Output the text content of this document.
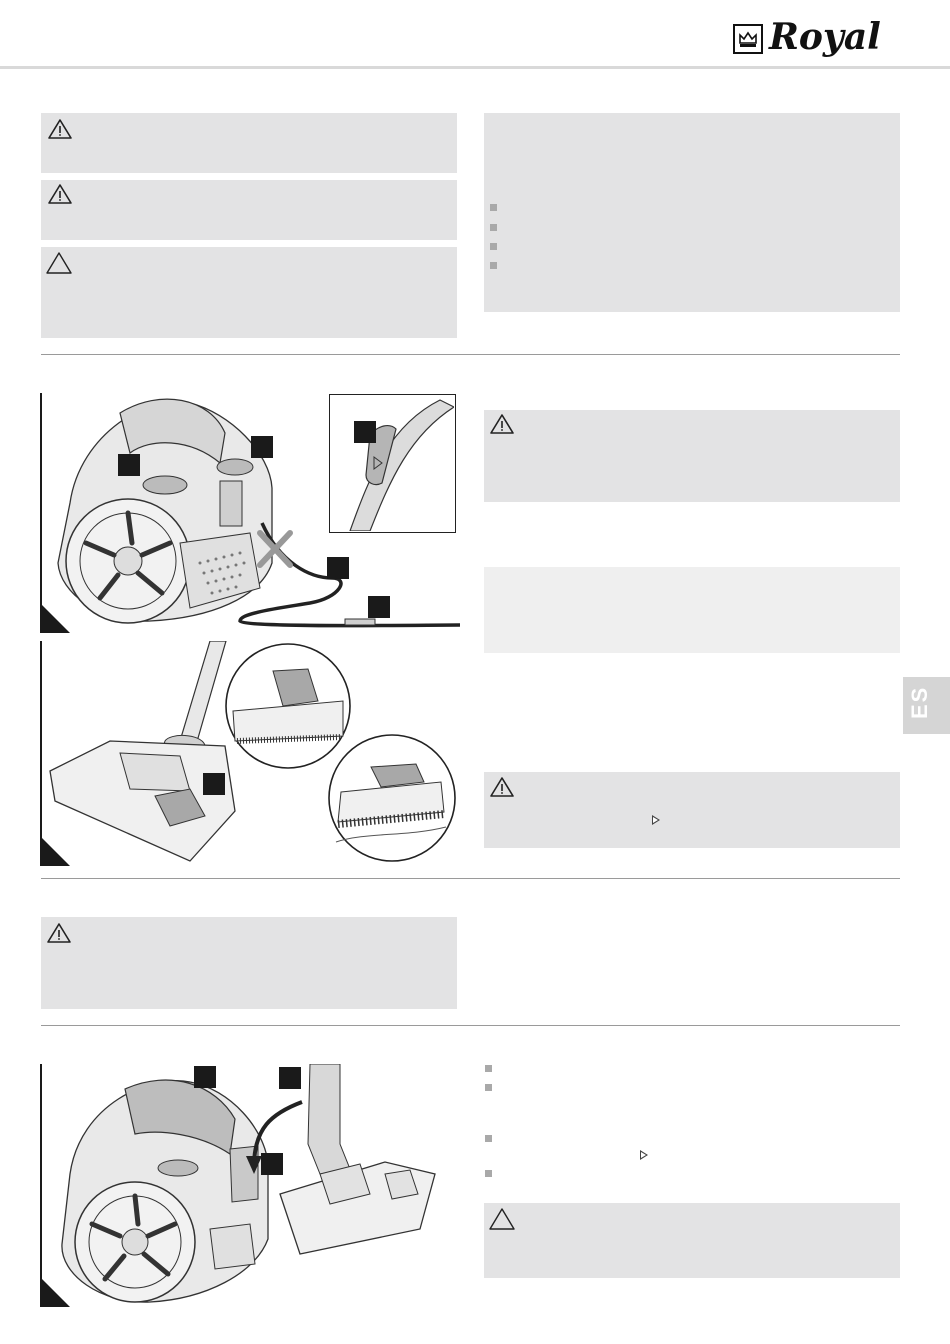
Royal
ES
